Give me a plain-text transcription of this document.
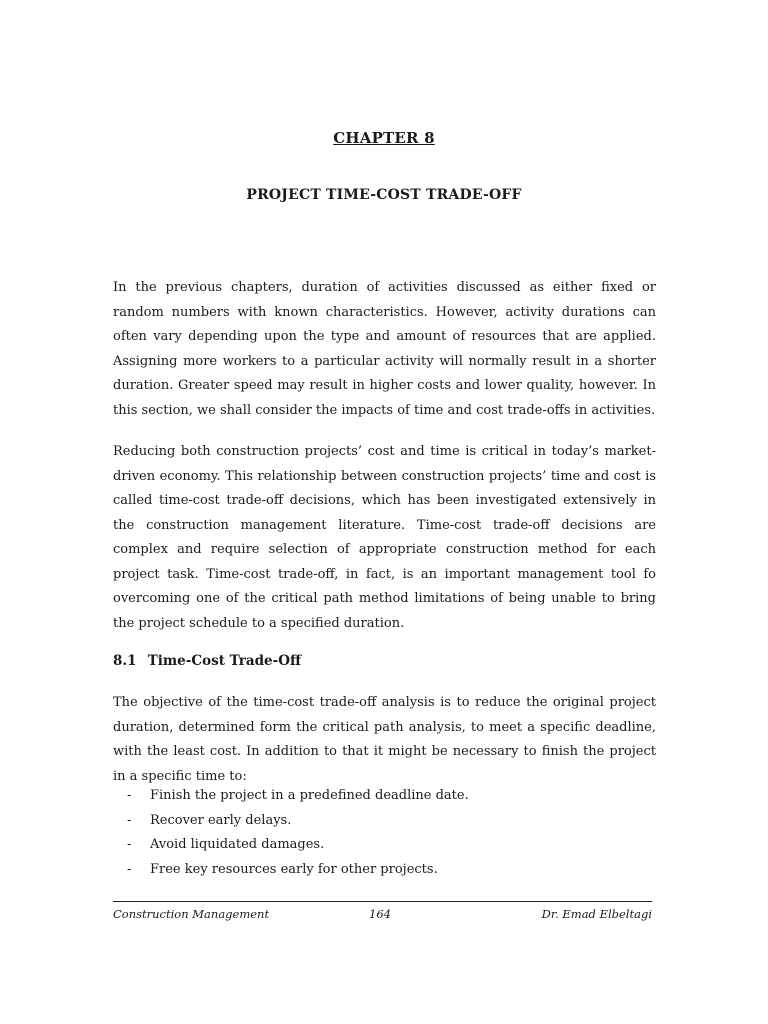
CHAPTER 8
PROJECT TIME-COST TRADE-OFF

In the previous chapters, duration of activities discussed as either fixed or random numbers with known characteristics. However, activity durations can often vary depending upon the type and amount of resources that are applied. Assigning more workers to a particular activity will normally result in a shorter duration. Greater speed may result in higher costs and lower quality, however. In this section, we shall consider the impacts of time and cost trade-offs in activities.

Reducing both construction projects’ cost and time is critical in today’s market-driven economy. This relationship between construction projects’ time and cost is called time-cost trade-off decisions, which has been investigated extensively in the construction management literature. Time-cost trade-off decisions are complex and require selection of appropriate construction method for each project task. Time-cost trade-off, in fact, is an important management tool fo overcoming one of the critical path method limitations of being unable to bring the project schedule to a specified duration.

8.1 Time-Cost Trade-Off

The objective of the time-cost trade-off analysis is to reduce the original project duration, determined form the critical path analysis, to meet a specific deadline, with the least cost. In addition to that it might be necessary to finish the project in a specific time to:

-	Finish the project in a predefined deadline date.
-	Recover early delays.
-	Avoid liquidated damages.
-	Free key resources early for other projects.
Construction Management	164	Dr. Emad Elbeltagi
